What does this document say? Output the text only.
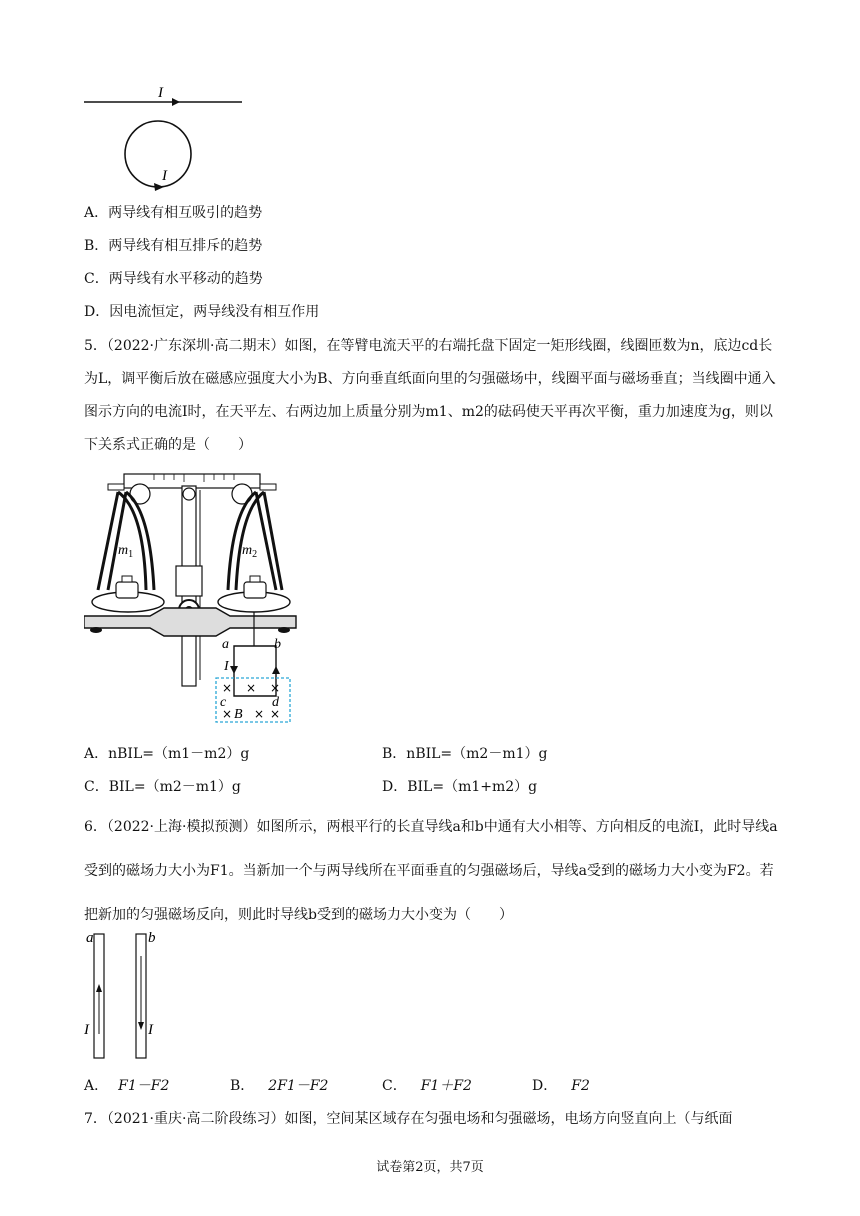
I
I
A．两导线有相互吸引的趋势
B．两导线有相互排斥的趋势
C．两导线有水平移动的趋势
D．因电流恒定，两导线没有相互作用
5．（2022·广东深圳·高二期末）如图，在等臂电流天平的右端托盘下固定一矩形线圈，线圈匝数为n，底边cd长为L，调平衡后放在磁感应强度大小为B、方向垂直纸面向里的匀强磁场中，线圈平面与磁场垂直；当线圈中通入图示方向的电流I时，在天平左、右两边加上质量分别为m1、m2的砝码使天平再次平衡，重力加速度为g，则以下关系式正确的是（　　）
$m_1$	$m_2$
a	b
I
× × ×
× × ×
c	d
B
A．nBIL=（m1－m2）g	B．nBIL=（m2－m1）g
C．BIL=（m2－m1）g	D．BIL=（m1+m2）g
6．（2022·上海·模拟预测）如图所示，两根平行的长直导线a和b中通有大小相等、方向相反的电流I，此时导线a受到的磁场力大小为F1。当新加一个与两导线所在平面垂直的匀强磁场后，导线a受到的磁场力大小变为F2。若把新加的匀强磁场反向，则此时导线b受到的磁场力大小变为（　　）
a
I
b
I
A． F1－F2	B． 2F1－F2	C． F1＋F2	D． F2
7．（2021·重庆·高二阶段练习）如图，空间某区域存在匀强电场和匀强磁场，电场方向竖直向上（与纸面
试卷第2页，共7页
